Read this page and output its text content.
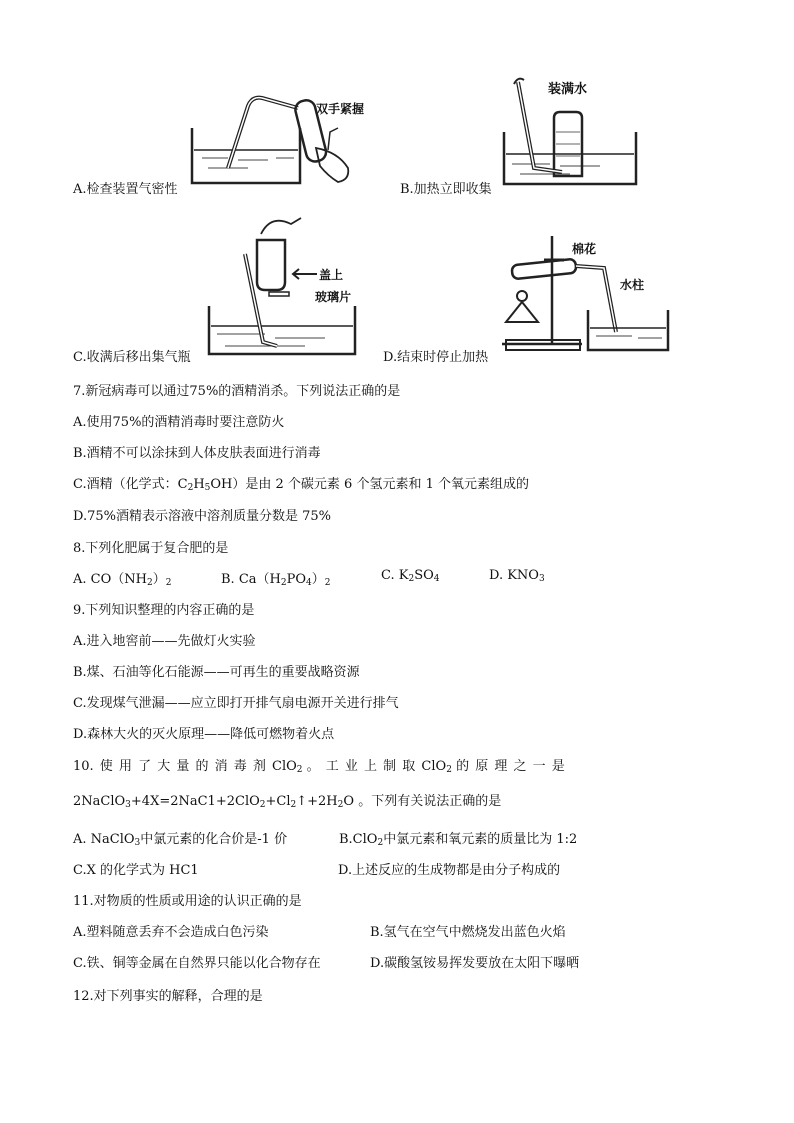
双手紧握
A.检查装置气密性
装满水
B.加热立即收集
盖上
玻璃片
C.收满后移出集气瓶
棉花
水柱
D.结束时停止加热
7.新冠病毒可以通过75%的酒精消杀。下列说法正确的是
A.使用75%的酒精消毒时要注意防火
B.酒精不可以涂抹到人体皮肤表面进行消毒
C.酒精（化学式：$C_2H_5OH$）是由 2 个碳元素 6 个氢元素和 1 个氧元素组成的
D.75%酒精表示溶液中溶剂质量分数是 75%
8.下列化肥属于复合肥的是
A. $CO(NH_2)_2$	B. $Ca(H_2PO_4)_2$	C. $K_2SO_4$	D. $KNO_3$
9.下列知识整理的内容正确的是
A.进入地窖前——先做灯火实验
B.煤、石油等化石能源——可再生的重要战略资源
C.发现煤气泄漏——应立即打开排气扇电源开关进行排气
D.森林大火的灭火原理——降低可燃物着火点
10. 使 用 了 大 量 的 消 毒 剂 ClO$_2$ 。 工 业 上 制 取 ClO$_2$ 的 原 理 之 一 是
$2NaClO_3+4X=2NaC1+2ClO_2+Cl_2↑+2H_2O$ 。下列有关说法正确的是
A. NaClO$_3$中氯元素的化合价是-1 价	B.ClO$_2$中氯元素和氧元素的质量比为 1:2
C.X 的化学式为 HC1	D.上述反应的生成物都是由分子构成的
11.对物质的性质或用途的认识正确的是
A.塑料随意丢弃不会造成白色污染	B.氢气在空气中燃烧发出蓝色火焰
C.铁、铜等金属在自然界只能以化合物存在	D.碳酸氢铵易挥发要放在太阳下曝晒
12.对下列事实的解释，合理的是
